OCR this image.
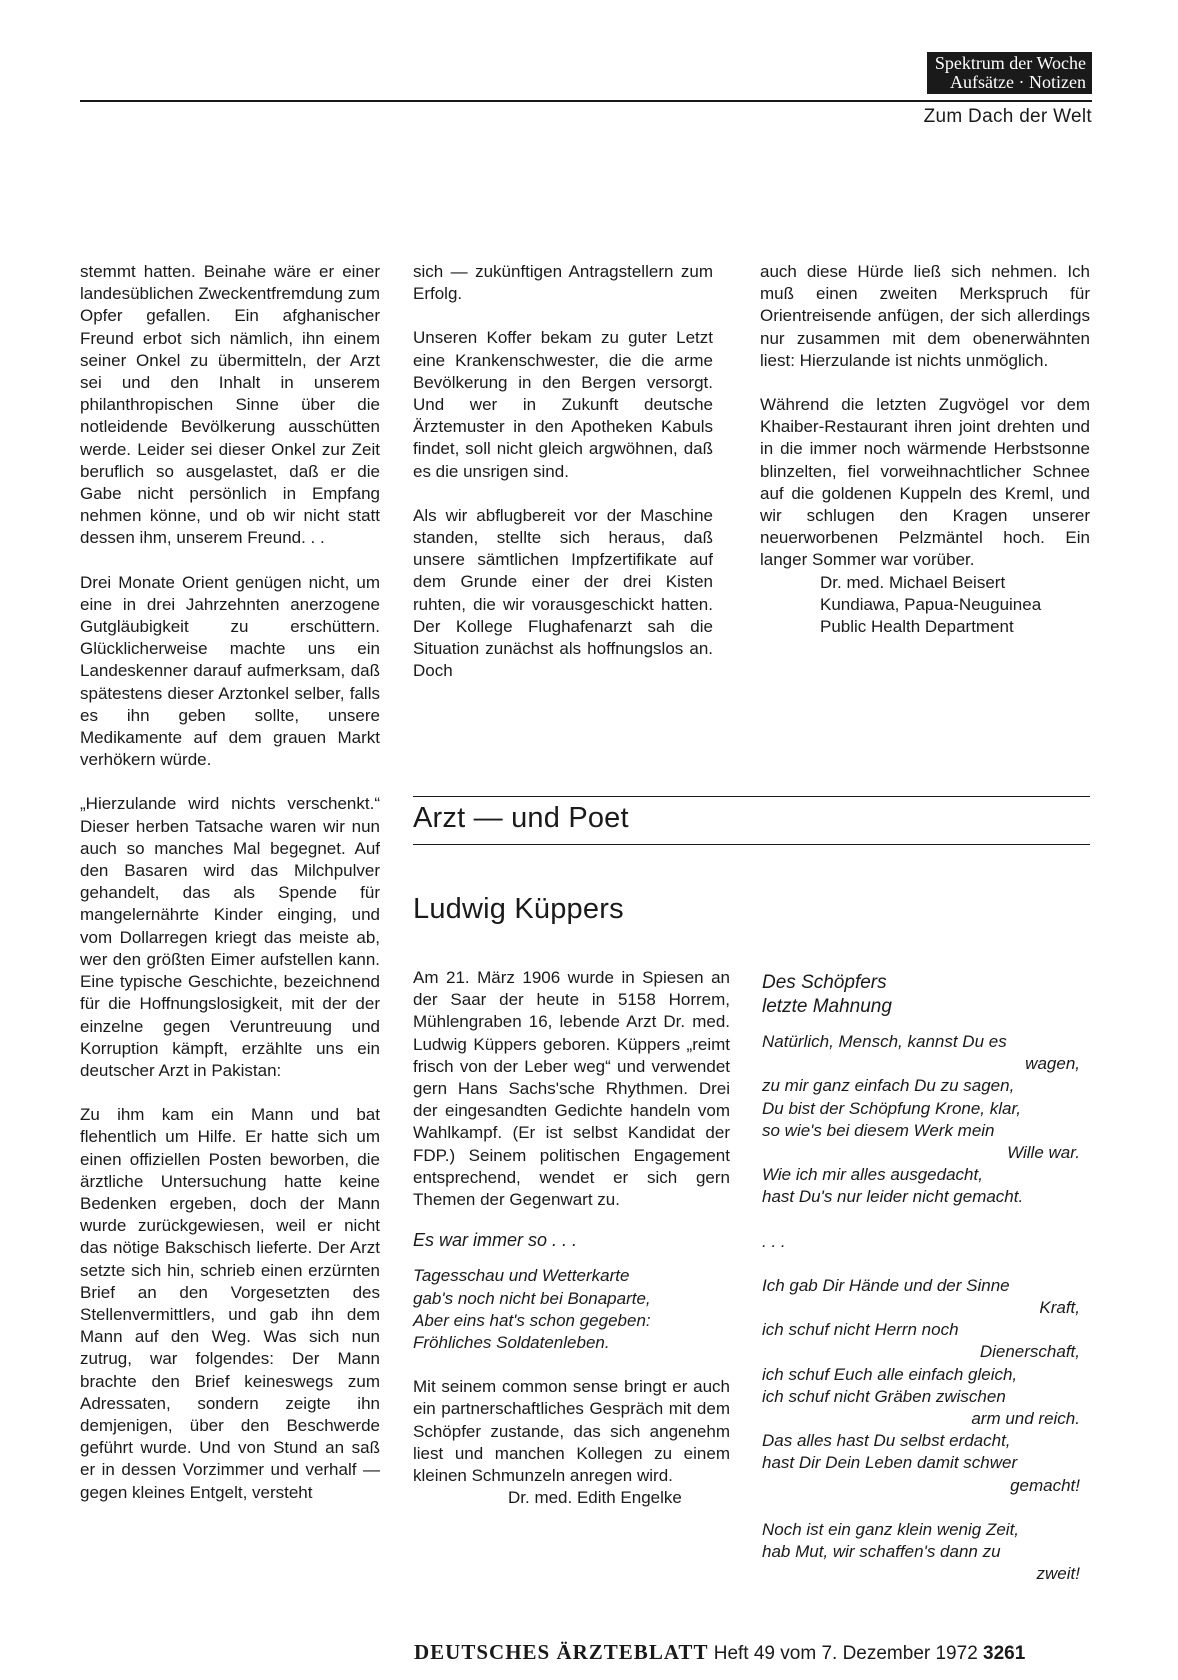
Spektrum der Woche
Aufsätze · Notizen
Zum Dach der Welt

stemmt hatten. Beinahe wäre er einer landesüblichen Zweckentfremdung zum Opfer gefallen. Ein afghanischer Freund erbot sich nämlich, ihn einem seiner Onkel zu übermitteln, der Arzt sei und den Inhalt in unserem philanthropischen Sinne über die notleidende Bevölkerung ausschütten werde. Leider sei dieser Onkel zur Zeit beruflich so ausgelastet, daß er die Gabe nicht persönlich in Empfang nehmen könne, und ob wir nicht statt dessen ihm, unserem Freund. . .

Drei Monate Orient genügen nicht, um eine in drei Jahrzehnten anerzogene Gutgläubigkeit zu erschüttern. Glücklicherweise machte uns ein Landeskenner darauf aufmerksam, daß spätestens dieser Arztonkel selber, falls es ihn geben sollte, unsere Medikamente auf dem grauen Markt verhökern würde.

„Hierzulande wird nichts verschenkt.“ Dieser herben Tatsache waren wir nun auch so manches Mal begegnet. Auf den Basaren wird das Milchpulver gehandelt, das als Spende für mangelernährte Kinder einging, und vom Dollarregen kriegt das meiste ab, wer den größten Eimer aufstellen kann. Eine typische Geschichte, bezeichnend für die Hoffnungslosigkeit, mit der der einzelne gegen Veruntreuung und Korruption kämpft, erzählte uns ein deutscher Arzt in Pakistan:

Zu ihm kam ein Mann und bat flehentlich um Hilfe. Er hatte sich um einen offiziellen Posten beworben, die ärztliche Untersuchung hatte keine Bedenken ergeben, doch der Mann wurde zurückgewiesen, weil er nicht das nötige Bakschisch lieferte. Der Arzt setzte sich hin, schrieb einen erzürnten Brief an den Vorgesetzten des Stellenvermittlers, und gab ihn dem Mann auf den Weg. Was sich nun zutrug, war folgendes: Der Mann brachte den Brief keineswegs zum Adressaten, sondern zeigte ihn demjenigen, über den Beschwerde geführt wurde. Und von Stund an saß er in dessen Vorzimmer und verhalf — gegen kleines Entgelt, versteht

sich — zukünftigen Antragstellern zum Erfolg.

Unseren Koffer bekam zu guter Letzt eine Krankenschwester, die die arme Bevölkerung in den Bergen versorgt. Und wer in Zukunft deutsche Ärztemuster in den Apotheken Kabuls findet, soll nicht gleich argwöhnen, daß es die unsrigen sind.

Als wir abflugbereit vor der Maschine standen, stellte sich heraus, daß unsere sämtlichen Impfzertifikate auf dem Grunde einer der drei Kisten ruhten, die wir vorausgeschickt hatten. Der Kollege Flughafenarzt sah die Situation zunächst als hoffnungslos an. Doch

auch diese Hürde ließ sich nehmen. Ich muß einen zweiten Merkspruch für Orientreisende anfügen, der sich allerdings nur zusammen mit dem obenerwähnten liest: Hierzulande ist nichts unmöglich.

Während die letzten Zugvögel vor dem Khaiber-Restaurant ihren joint drehten und in die immer noch wärmende Herbstsonne blinzelten, fiel vorweihnachtlicher Schnee auf die goldenen Kuppeln des Kreml, und wir schlugen den Kragen unserer neuerworbenen Pelzmäntel hoch. Ein langer Sommer war vorüber.

Dr. med. Michael Beisert
Kundiawa, Papua-Neuguinea
Public Health Department
Arzt — und Poet
Ludwig Küppers

Am 21. März 1906 wurde in Spiesen an der Saar der heute in 5158 Horrem, Mühlengraben 16, lebende Arzt Dr. med. Ludwig Küppers geboren. Küppers „reimt frisch von der Leber weg“ und verwendet gern Hans Sachs'sche Rhythmen. Drei der eingesandten Gedichte handeln vom Wahlkampf. (Er ist selbst Kandidat der FDP.) Seinem politischen Engagement entsprechend, wendet er sich gern Themen der Gegenwart zu.

Es war immer so . . .

Tagesschau und Wetterkarte
gab's noch nicht bei Bonaparte,
Aber eins hat's schon gegeben:
Fröhliches Soldatenleben.

Mit seinem common sense bringt er auch ein partnerschaftliches Gespräch mit dem Schöpfer zustande, das sich angenehm liest und manchen Kollegen zu einem kleinen Schmunzeln anregen wird.

Dr. med. Edith Engelke
Des Schöpfers
letzte Mahnung

Natürlich, Mensch, kannst Du es
wagen,
zu mir ganz einfach Du zu sagen,
Du bist der Schöpfung Krone, klar,
so wie's bei diesem Werk mein
Wille war.
Wie ich mir alles ausgedacht,
hast Du's nur leider nicht gemacht.

. . .

Ich gab Dir Hände und der Sinne
Kraft,
ich schuf nicht Herrn noch
Dienerschaft,
ich schuf Euch alle einfach gleich,
ich schuf nicht Gräben zwischen
arm und reich.
Das alles hast Du selbst erdacht,
hast Dir Dein Leben damit schwer
gemacht!

Noch ist ein ganz klein wenig Zeit,
hab Mut, wir schaffen's dann zu
zweit!

DEUTSCHES ÄRZTEBLATT Heft 49 vom 7. Dezember 1972 3261
